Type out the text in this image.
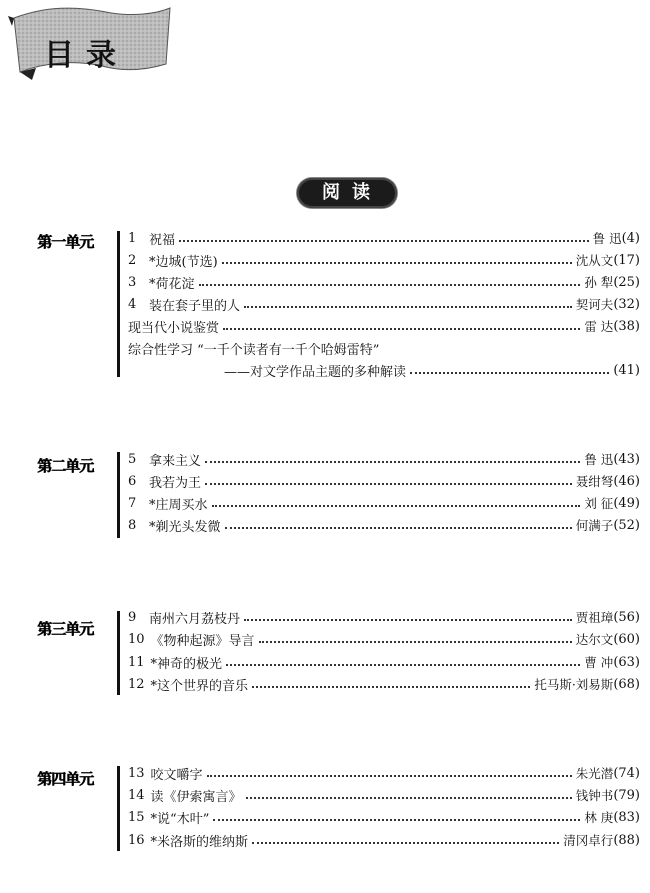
目录
阅读
第一单元	1 祝福	鲁 迅 (4)
2 *边城(节选)	沈从文 (17)
3 *荷花淀	孙 犁 (25)
4 装在套子里的人	契诃夫 (32)
现当代小说鉴赏	雷 达 (38)
综合性学习 “一千个读者有一千个哈姆雷特”
——对文学作品主题的多种解读	(41)
第二单元	5 拿来主义	鲁 迅 (43)
6 我若为王	聂绀弩 (46)
7 *庄周买水	刘 征 (49)
8 *剃光头发微	何满子 (52)
第三单元
9 南州六月荔枝丹	贾祖璋 (56)
10 《物种起源》导言	达尔文 (60)
11 *神奇的极光	曹 冲 (63)
12 *这个世界的音乐	托马斯·刘易斯 (68)
第四单元	13 咬文嚼字	朱光潜 (74)
14 读《伊索寓言》	钱钟书 (79)
15 *说“木叶”	林 庚 (83)
16 *米洛斯的维纳斯	清冈卓行 (88)
